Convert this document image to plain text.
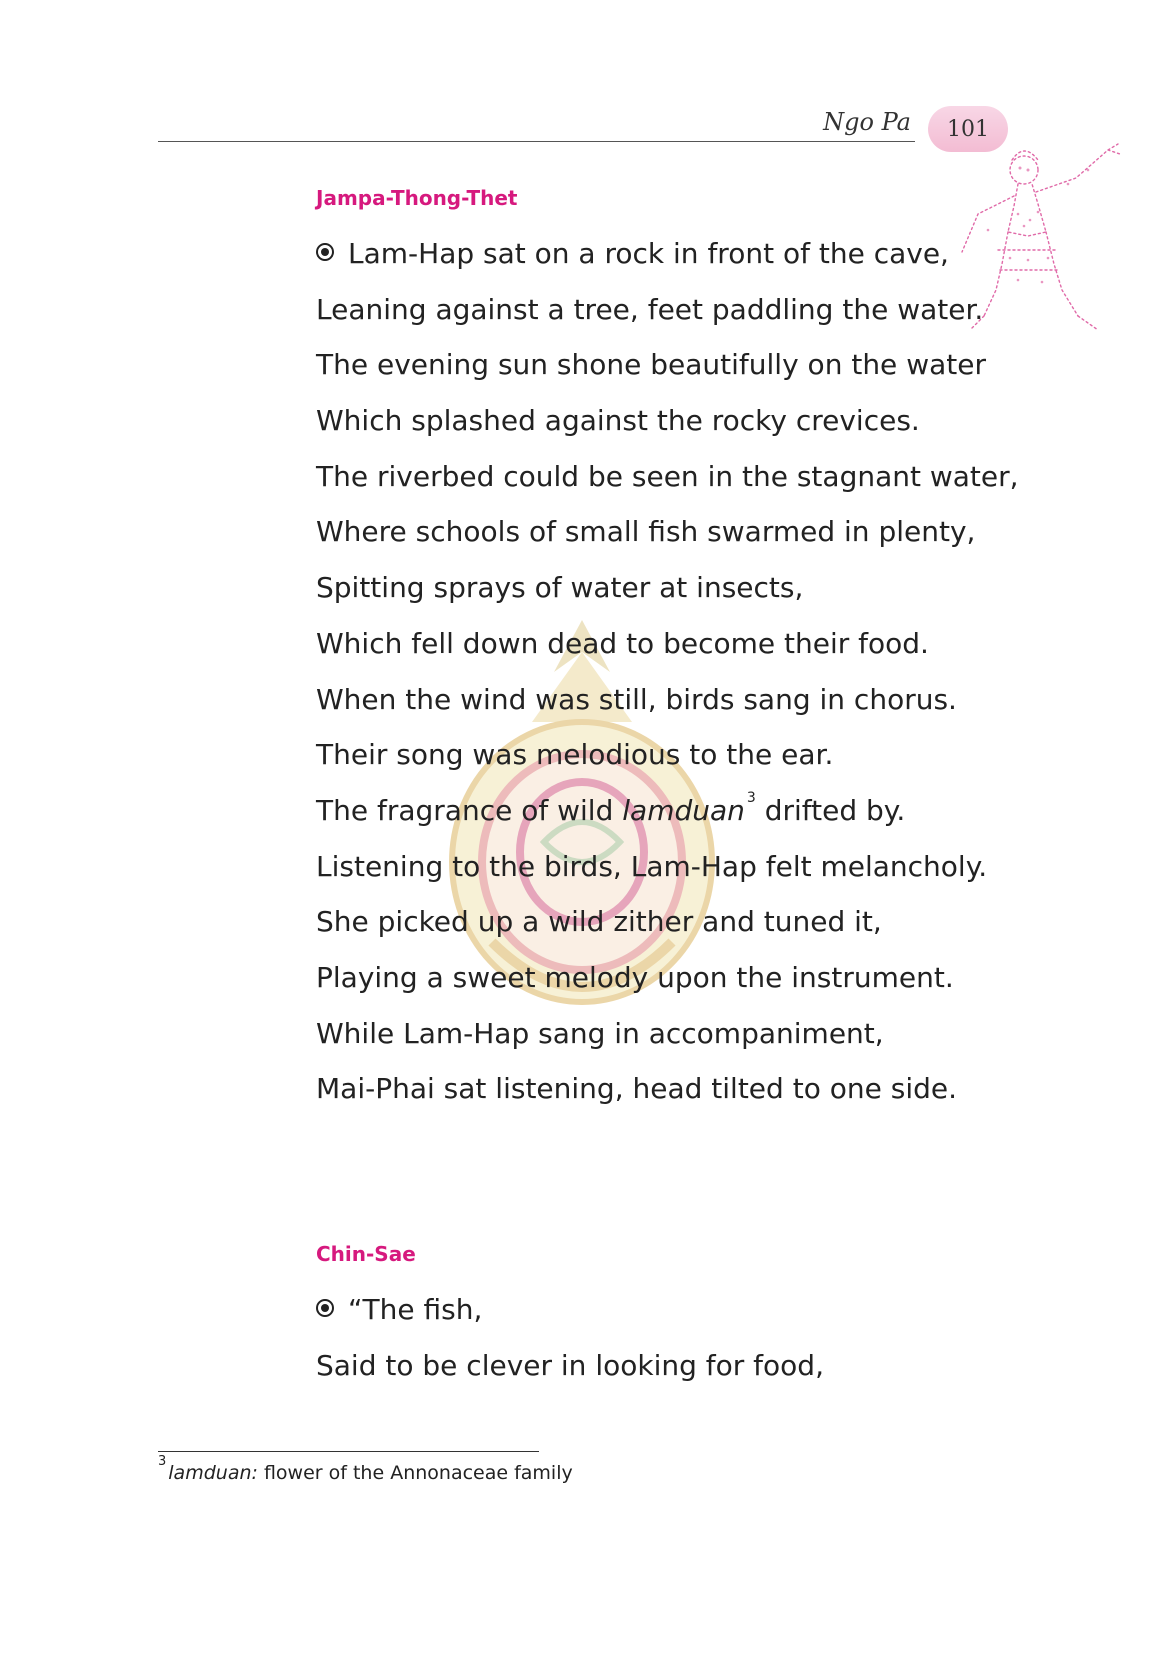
Ngo Pa 101
Jampa-Thong-Thet
Lam-Hap sat on a rock in front of the cave,
Leaning against a tree, feet paddling the water.
The evening sun shone beautifully on the water
Which splashed against the rocky crevices.
The riverbed could be seen in the stagnant water,
Where schools of small fish swarmed in plenty,
Spitting sprays of water at insects,
Which fell down dead to become their food.
When the wind was still, birds sang in chorus.
Their song was melodious to the ear.
The fragrance of wild lamduan $^3$ drifted by.
Listening to the birds, Lam-Hap felt melancholy.
She picked up a wild zither and tuned it,
Playing a sweet melody upon the instrument.
While Lam-Hap sang in accompaniment,
Mai-Phai sat listening, head tilted to one side.
Chin-Sae
“The fish,
Said to be clever in looking for food,
$^3$lamduan: flower of the Annonaceae family
